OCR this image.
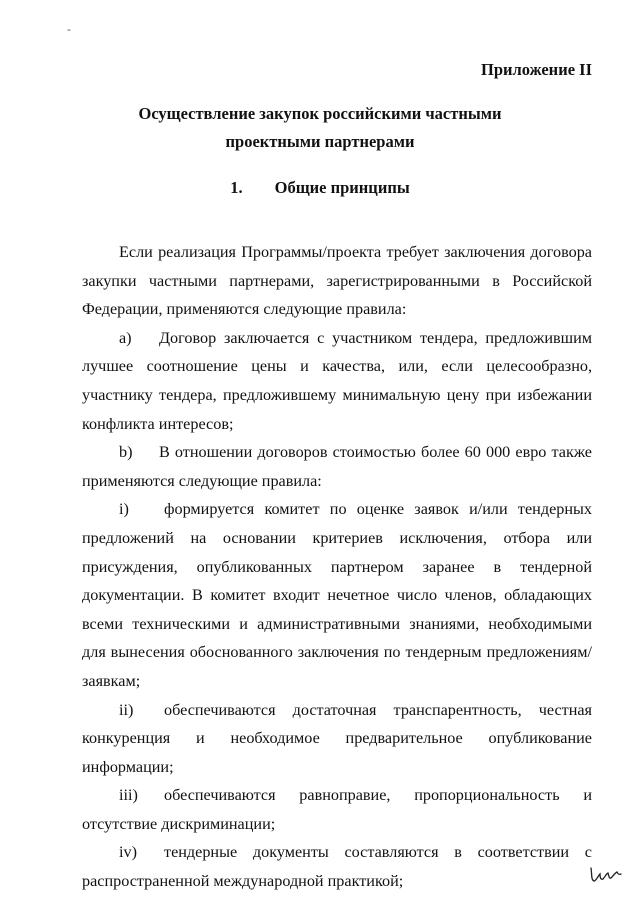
-
Приложение II
Осуществление закупок российскими частными
проектными партнерами
1. Общие принципы

Если реализация Программы/проекта требует заключения договора закупки частными партнерами, зарегистрированными в Российской Федерации, применяются следующие правила:

a) Договор заключается с участником тендера, предложившим лучшее соотношение цены и качества, или, если целесообразно, участнику тендера, предложившему минимальную цену при избежании конфликта интересов;

b) В отношении договоров стоимостью более 60 000 евро также применяются следующие правила:

i) формируется комитет по оценке заявок и/или тендерных предложений на основании критериев исключения, отбора или присуждения, опубликованных партнером заранее в тендерной документации. В комитет входит нечетное число членов, обладающих всеми техническими и административными знаниями, необходимыми для вынесения обоснованного заключения по тендерным предложениям/заявкам;

ii) обеспечиваются достаточная транспарентность, честная конкуренция и необходимое предварительное опубликование информации;

iii) обеспечиваются равноправие, пропорциональность и отсутствие дискриминации;

iv) тендерные документы составляются в соответствии с распространенной международной практикой;
